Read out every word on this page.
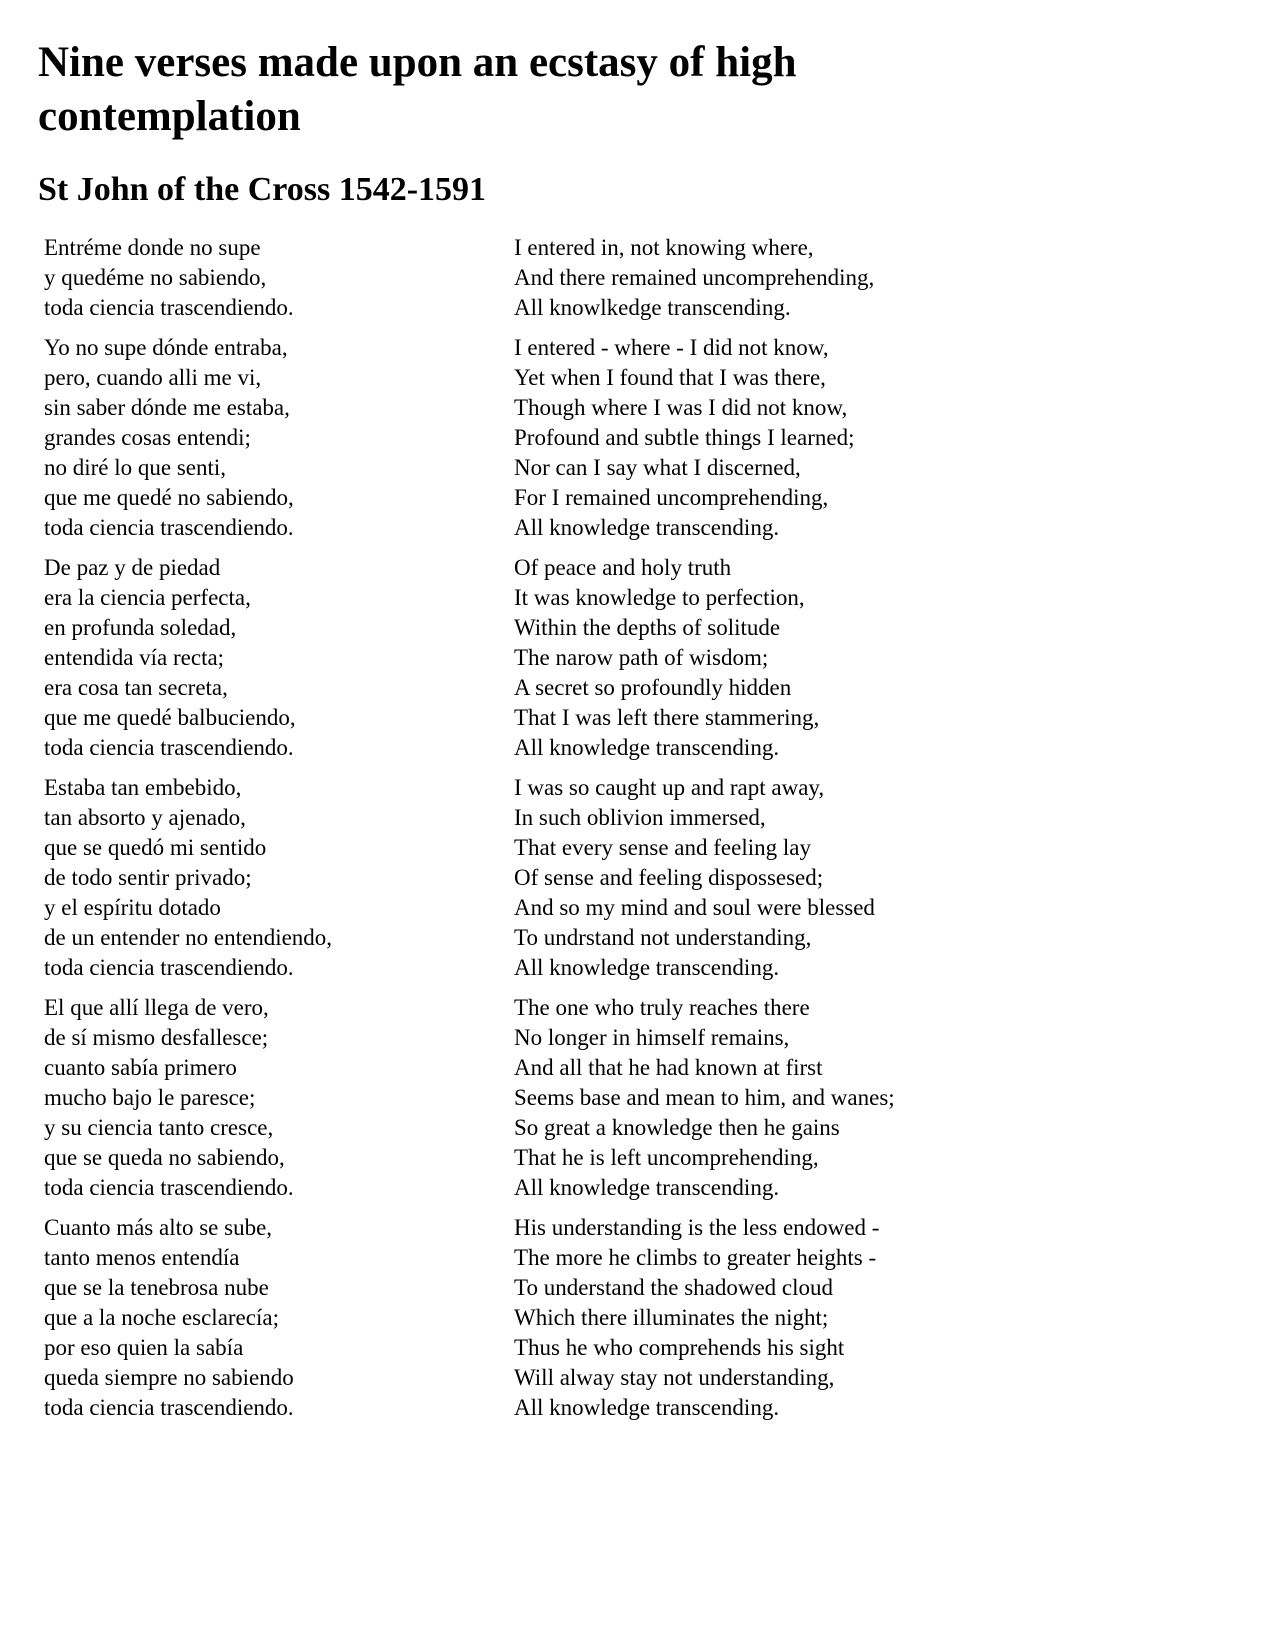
Nine verses made upon an ecstasy of high contemplation
St John of the Cross 1542-1591

Entréme donde no supe
y quedéme no sabiendo,
toda ciencia trascendiendo.

Yo no supe dónde entraba,
pero, cuando alli me vi,
sin saber dónde me estaba,
grandes cosas entendi;
no diré lo que senti,
que me quedé no sabiendo,
toda ciencia trascendiendo.

De paz y de piedad
era la ciencia perfecta,
en profunda soledad,
entendida vía recta;
era cosa tan secreta,
que me quedé balbuciendo,
toda ciencia trascendiendo.

Estaba tan embebido,
tan absorto y ajenado,
que se quedó mi sentido
de todo sentir privado;
y el espíritu dotado
de un entender no entendiendo,
toda ciencia trascendiendo.

El que allí llega de vero,
de sí mismo desfallesce;
cuanto sabía primero
mucho bajo le paresce;
y su ciencia tanto cresce,
que se queda no sabiendo,
toda ciencia trascendiendo.

Cuanto más alto se sube,
tanto menos entendía
que se la tenebrosa nube
que a la noche esclarecía;
por eso quien la sabía
queda siempre no sabiendo
toda ciencia trascendiendo.

I entered in, not knowing where,
And there remained uncomprehending,
All knowlkedge transcending.

I entered - where - I did not know,
Yet when I found that I was there,
Though where I was I did not know,
Profound and subtle things I learned;
Nor can I say what I discerned,
For I remained uncomprehending,
All knowledge transcending.

Of peace and holy truth
It was knowledge to perfection,
Within the depths of solitude
The narow path of wisdom;
A secret so profoundly hidden
That I was left there stammering,
All knowledge transcending.

I was so caught up and rapt away,
In such oblivion immersed,
That every sense and feeling lay
Of sense and feeling dispossesed;
And so my mind and soul were blessed
To undrstand not understanding,
All knowledge transcending.

The one who truly reaches there
No longer in himself remains,
And all that he had known at first
Seems base and mean to him, and wanes;
So great a knowledge then he gains
That he is left uncomprehending,
All knowledge transcending.

His understanding is the less endowed -
The more he climbs to greater heights -
To understand the shadowed cloud
Which there illuminates the night;
Thus he who comprehends his sight
Will alway stay not understanding,
All knowledge transcending.
